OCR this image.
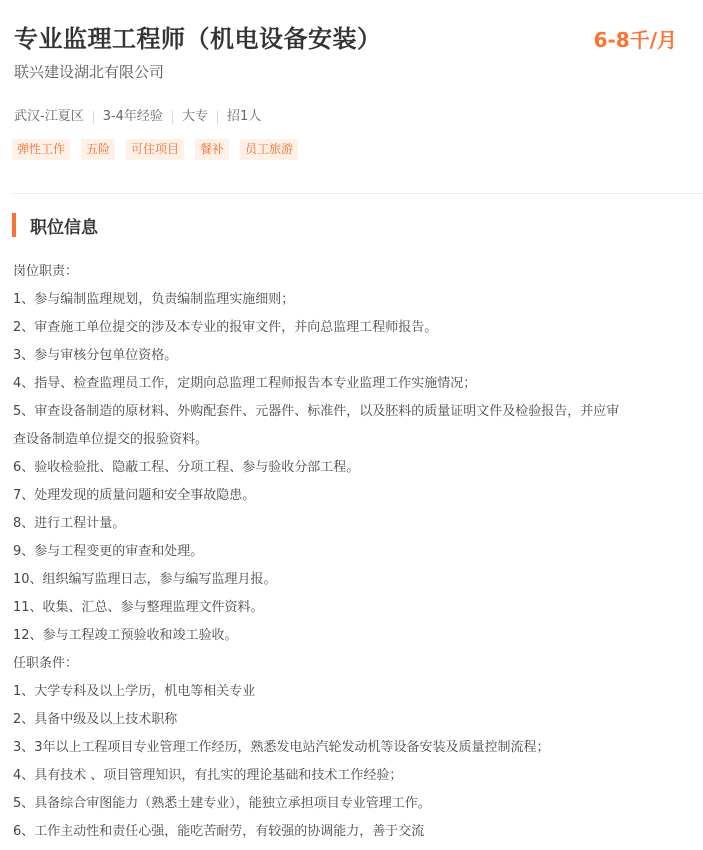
专业监理工程师（机电设备安装）	6-8千/月
联兴建设湖北有限公司
武汉-江夏区 3-4年经验 大专 招1人
弹性工作	五险	可住项目	餐补	员工旅游
职位信息
岗位职责：
1、参与编制监理规划，负责编制监理实施细则；
2、审查施工单位提交的涉及本专业的报审文件，并向总监理工程师报告。
3、参与审核分包单位资格。
4、指导、检查监理员工作，定期向总监理工程师报告本专业监理工作实施情况；
5、审查设备制造的原材料、外购配套件、元器件、标准件，以及胚料的质量证明文件及检验报告，并应审
查设备制造单位提交的报验资料。
6、验收检验批、隐蔽工程、分项工程、参与验收分部工程。
7、处理发现的质量问题和安全事故隐患。
8、进行工程计量。
9、参与工程变更的审查和处理。
10、组织编写监理日志，参与编写监理月报。
11、收集、汇总、参与整理监理文件资料。
12、参与工程竣工预验收和竣工验收。
任职条件：
1、大学专科及以上学历，机电等相关专业
2、具备中级及以上技术职称
3、3年以上工程项目专业管理工作经历，熟悉发电站汽轮发动机等设备安装及质量控制流程；
4、具有技术 、项目管理知识，有扎实的理论基础和技术工作经验；
5、具备综合审图能力（熟悉土建专业），能独立承担项目专业管理工作。
6、工作主动性和责任心强，能吃苦耐劳，有较强的协调能力，善于交流
